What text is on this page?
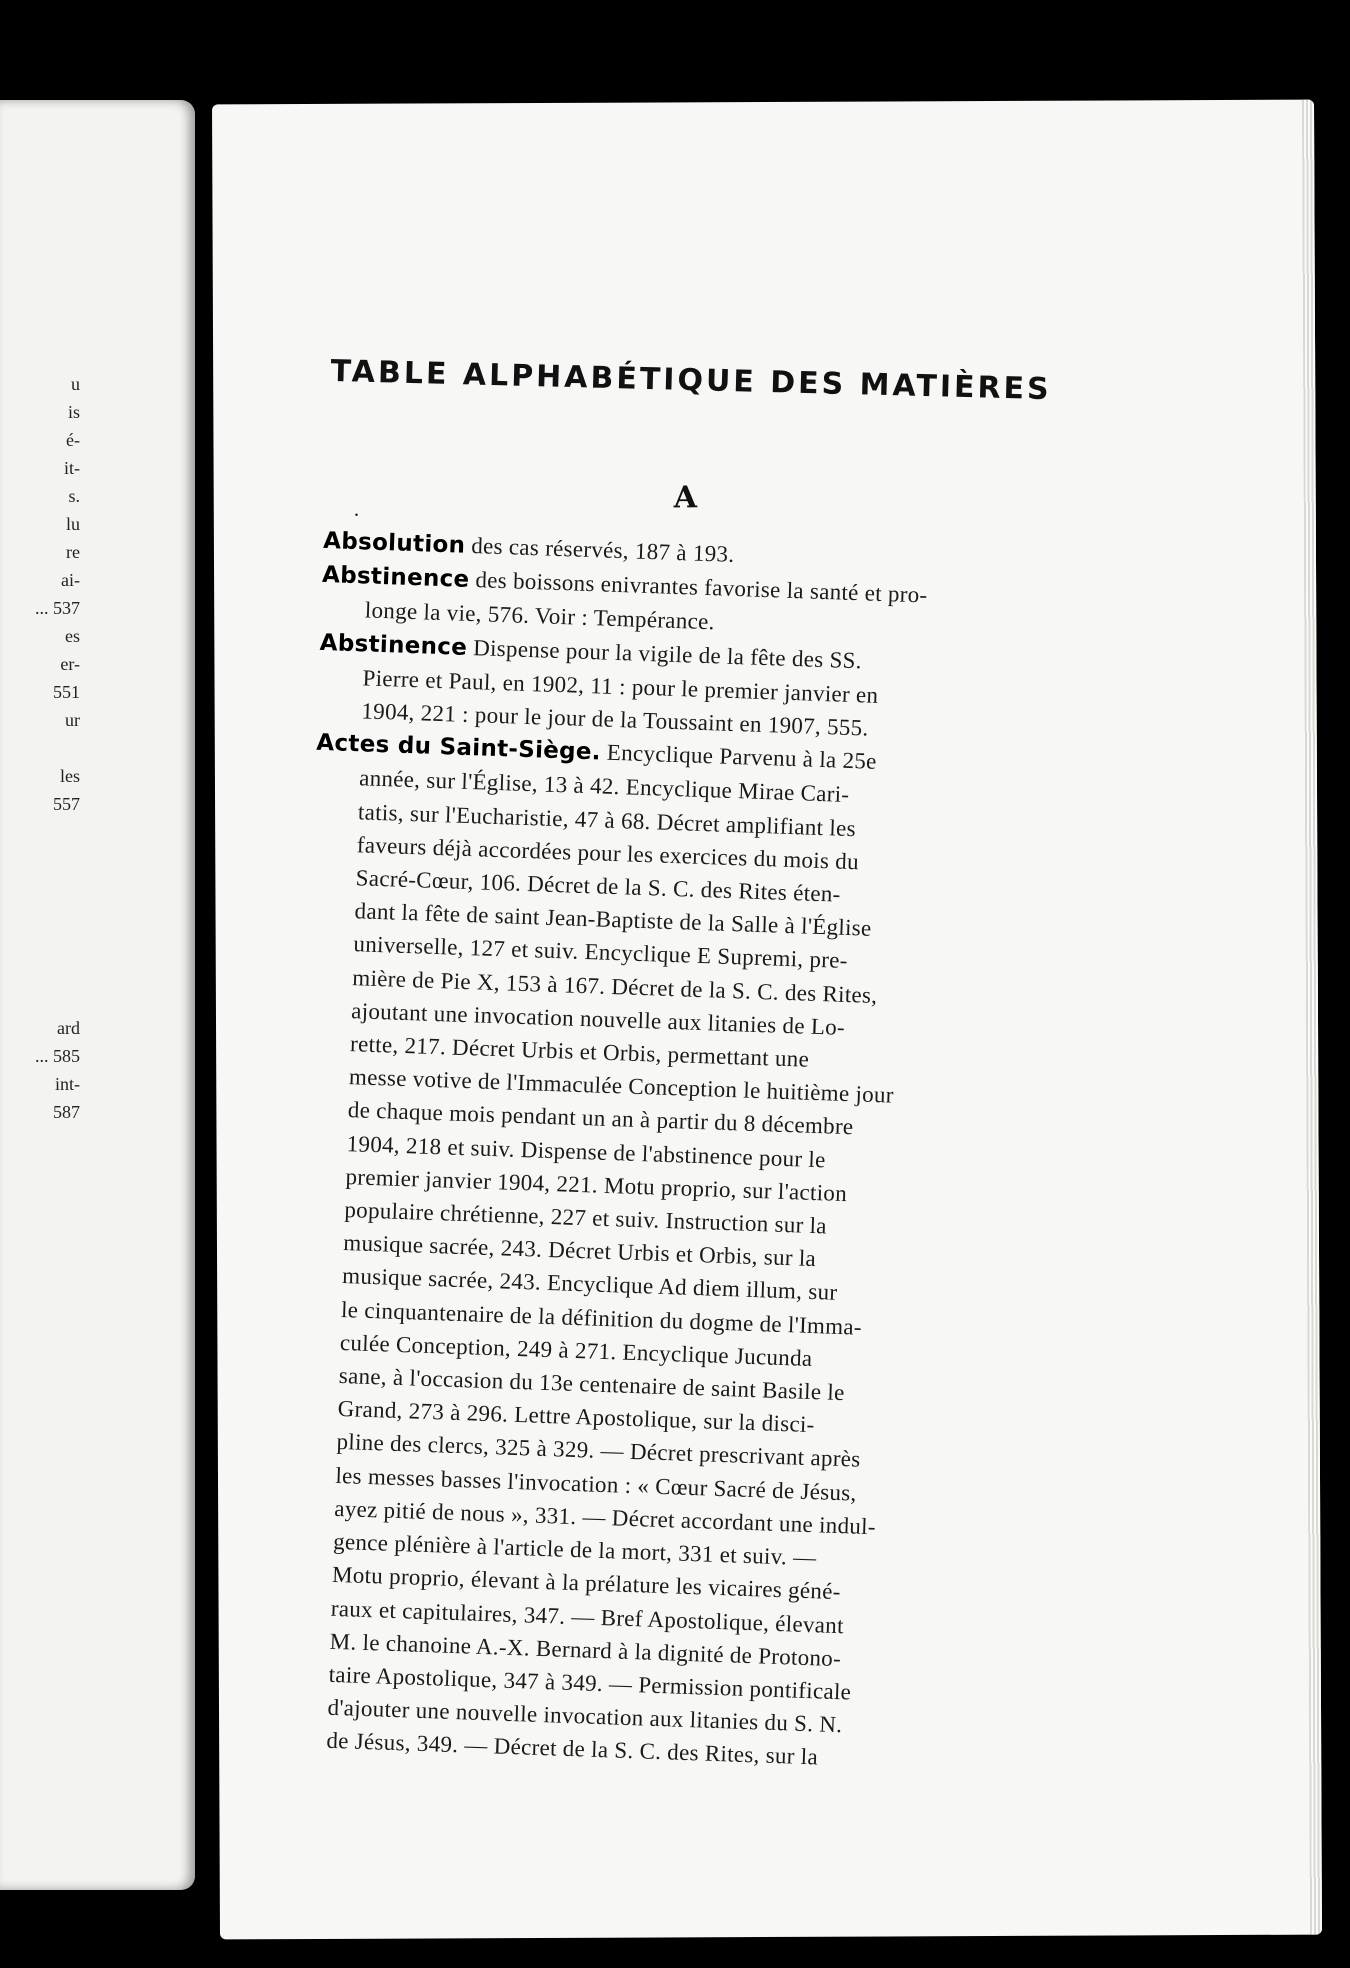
u
is
é-
it-
s.
lu
re
ai-
... 537
es
er-
551
ur
les
557
ard
... 585
int-
587
TABLE ALPHABÉTIQUE DES MATIÈRES
.	A
Absolution des cas réservés, 187 à 193.
Abstinence des boissons enivrantes favorise la santé et pro-
longe la vie, 576. Voir : Tempérance.
Abstinence Dispense pour la vigile de la fête des SS.
Pierre et Paul, en 1902, 11 : pour le premier janvier en
1904, 221 : pour le jour de la Toussaint en 1907, 555.
Actes du Saint-Siège. Encyclique Parvenu à la 25e
année, sur l'Église, 13 à 42. Encyclique Mirae Cari-
tatis, sur l'Eucharistie, 47 à 68. Décret amplifiant les
faveurs déjà accordées pour les exercices du mois du
Sacré-Cœur, 106. Décret de la S. C. des Rites éten-
dant la fête de saint Jean-Baptiste de la Salle à l'Église
universelle, 127 et suiv. Encyclique E Supremi, pre-
mière de Pie X, 153 à 167. Décret de la S. C. des Rites,
ajoutant une invocation nouvelle aux litanies de Lo-
rette, 217. Décret Urbis et Orbis, permettant une
messe votive de l'Immaculée Conception le huitième jour
de chaque mois pendant un an à partir du 8 décembre
1904, 218 et suiv. Dispense de l'abstinence pour le
premier janvier 1904, 221. Motu proprio, sur l'action
populaire chrétienne, 227 et suiv. Instruction sur la
musique sacrée, 243. Décret Urbis et Orbis, sur la
musique sacrée, 243. Encyclique Ad diem illum, sur
le cinquantenaire de la définition du dogme de l'Imma-
culée Conception, 249 à 271. Encyclique Jucunda
sane, à l'occasion du 13e centenaire de saint Basile le
Grand, 273 à 296. Lettre Apostolique, sur la disci-
pline des clercs, 325 à 329. — Décret prescrivant après
les messes basses l'invocation : « Cœur Sacré de Jésus,
ayez pitié de nous », 331. — Décret accordant une indul-
gence plénière à l'article de la mort, 331 et suiv. —
Motu proprio, élevant à la prélature les vicaires géné-
raux et capitulaires, 347. — Bref Apostolique, élevant
M. le chanoine A.-X. Bernard à la dignité de Protono-
taire Apostolique, 347 à 349. — Permission pontificale
d'ajouter une nouvelle invocation aux litanies du S. N.
de Jésus, 349. — Décret de la S. C. des Rites, sur la
